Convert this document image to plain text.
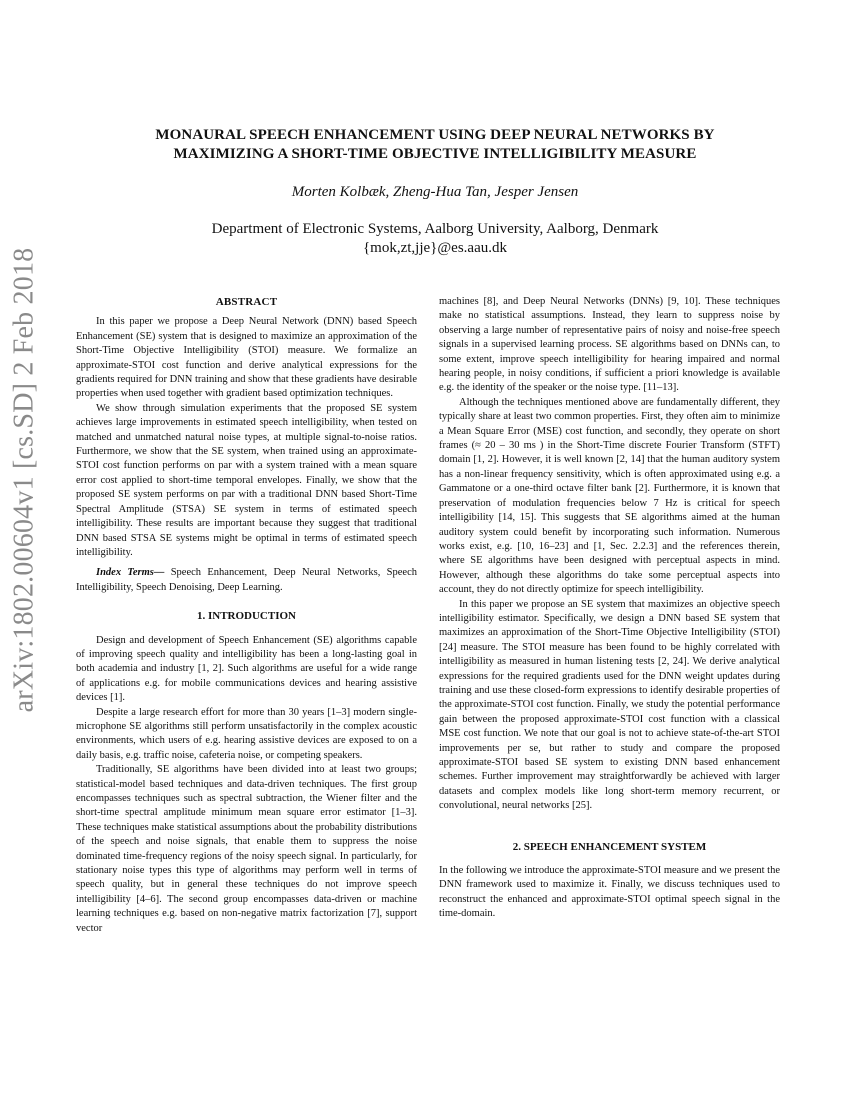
arXiv:1802.00604v1 [cs.SD] 2 Feb 2018
MONAURAL SPEECH ENHANCEMENT USING DEEP NEURAL NETWORKS BY
MAXIMIZING A SHORT-TIME OBJECTIVE INTELLIGIBILITY MEASURE
Morten Kolbæk, Zheng-Hua Tan, Jesper Jensen
Department of Electronic Systems, Aalborg University, Aalborg, Denmark
{mok,zt,jje}@es.aau.dk
ABSTRACT

In this paper we propose a Deep Neural Network (DNN) based Speech Enhancement (SE) system that is designed to maximize an approximation of the Short-Time Objective Intelligibility (STOI) measure. We formalize an approximate-STOI cost function and derive analytical expressions for the gradients required for DNN training and show that these gradients have desirable properties when used together with gradient based optimization techniques.

We show through simulation experiments that the proposed SE system achieves large improvements in estimated speech intelligibility, when tested on matched and unmatched natural noise types, at multiple signal-to-noise ratios. Furthermore, we show that the SE system, when trained using an approximate-STOI cost function performs on par with a system trained with a mean square error cost applied to short-time temporal envelopes. Finally, we show that the proposed SE system performs on par with a traditional DNN based Short-Time Spectral Amplitude (STSA) SE system in terms of estimated speech intelligibility. These results are important because they suggest that traditional DNN based STSA SE systems might be optimal in terms of estimated speech intelligibility.

Index Terms— Speech Enhancement, Deep Neural Networks, Speech Intelligibility, Speech Denoising, Deep Learning.

1. INTRODUCTION

Design and development of Speech Enhancement (SE) algorithms capable of improving speech quality and intelligibility has been a long-lasting goal in both academia and industry [1, 2]. Such algorithms are useful for a wide range of applications e.g. for mobile communications devices and hearing assistive devices [1].

Despite a large research effort for more than 30 years [1–3] modern single-microphone SE algorithms still perform unsatisfactorily in the complex acoustic environments, which users of e.g. hearing assistive devices are exposed to on a daily basis, e.g. traffic noise, cafeteria noise, or competing speakers.

Traditionally, SE algorithms have been divided into at least two groups; statistical-model based techniques and data-driven techniques. The first group encompasses techniques such as spectral subtraction, the Wiener filter and the short-time spectral amplitude minimum mean square error estimator [1–3]. These techniques make statistical assumptions about the probability distributions of the speech and noise signals, that enable them to suppress the noise dominated time-frequency regions of the noisy speech signal. In particularly, for stationary noise types this type of algorithms may perform well in terms of speech quality, but in general these techniques do not improve speech intelligibility [4–6]. The second group encompasses data-driven or machine learning techniques e.g. based on non-negative matrix factorization [7], support vector

machines [8], and Deep Neural Networks (DNNs) [9, 10]. These techniques make no statistical assumptions. Instead, they learn to suppress noise by observing a large number of representative pairs of noisy and noise-free speech signals in a supervised learning process. SE algorithms based on DNNs can, to some extent, improve speech intelligibility for hearing impaired and normal hearing people, in noisy conditions, if sufficient a priori knowledge is available e.g. the identity of the speaker or the noise type. [11–13].

Although the techniques mentioned above are fundamentally different, they typically share at least two common properties. First, they often aim to minimize a Mean Square Error (MSE) cost function, and secondly, they operate on short frames (≈ 20 – 30 ms ) in the Short-Time discrete Fourier Transform (STFT) domain [1, 2]. However, it is well known [2, 14] that the human auditory system has a non-linear frequency sensitivity, which is often approximated using e.g. a Gammatone or a one-third octave filter bank [2]. Furthermore, it is known that preservation of modulation frequencies below 7 Hz is critical for speech intelligibility [14, 15]. This suggests that SE algorithms aimed at the human auditory system could benefit by incorporating such information. Numerous works exist, e.g. [10, 16–23] and [1, Sec. 2.2.3] and the references therein, where SE algorithms have been designed with perceptual aspects in mind. However, although these algorithms do take some perceptual aspects into account, they do not directly optimize for speech intelligibility.

In this paper we propose an SE system that maximizes an objective speech intelligibility estimator. Specifically, we design a DNN based SE system that maximizes an approximation of the Short-Time Objective Intelligibility (STOI) [24] measure. The STOI measure has been found to be highly correlated with intelligibility as measured in human listening tests [2, 24]. We derive analytical expressions for the required gradients used for the DNN weight updates during training and use these closed-form expressions to identify desirable properties of the approximate-STOI cost function. Finally, we study the potential performance gain between the proposed approximate-STOI cost function with a classical MSE cost function. We note that our goal is not to achieve state-of-the-art STOI improvements per se, but rather to study and compare the proposed approximate-STOI based SE system to existing DNN based enhancement schemes. Further improvement may straightforwardly be achieved with larger datasets and complex models like long short-term memory recurrent, or convolutional, neural networks [25].

2. SPEECH ENHANCEMENT SYSTEM

In the following we introduce the approximate-STOI measure and we present the DNN framework used to maximize it. Finally, we discuss techniques used to reconstruct the enhanced and approximate-STOI optimal speech signal in the time-domain.
